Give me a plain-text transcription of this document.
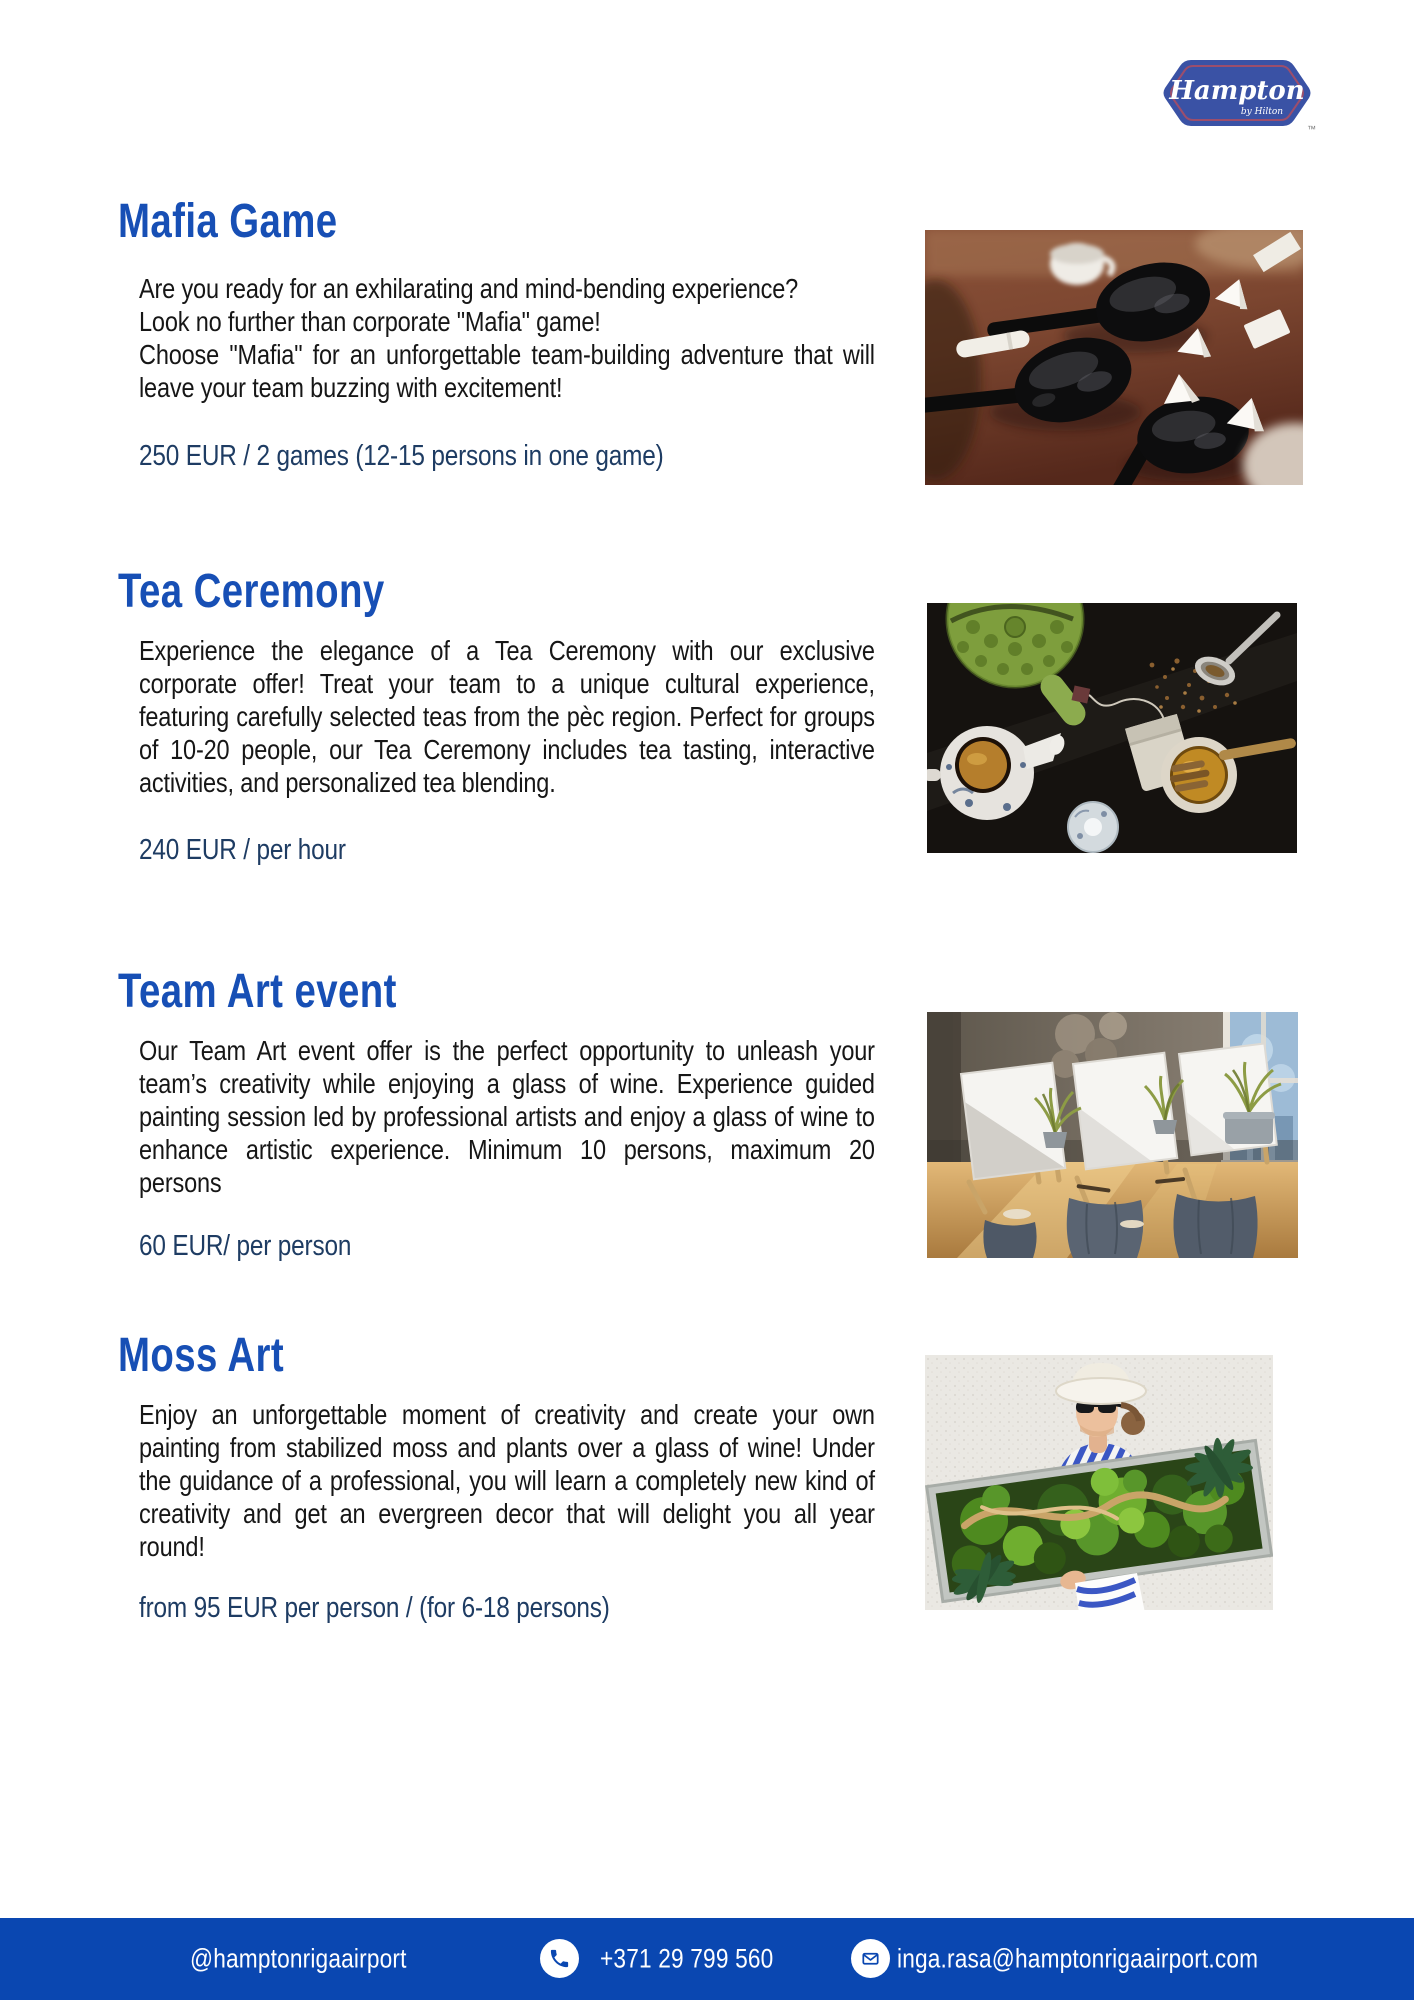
Hampton
by Hilton
™
Mafia Game

Are you ready for an exhilarating and mind-bending experience?

Look no further than corporate "Mafia" game!

Choose "Mafia" for an unforgettable team-building adventure that will leave your team buzzing with excitement!

250 EUR / 2 games (12-15 persons in one game)
Tea Ceremony

Experience the elegance of a Tea Ceremony with our exclusive corporate offer! Treat your team to a unique cultural experience, featuring carefully selected teas from the pèc region. Perfect for groups of 10-20 people, our Tea Ceremony includes tea tasting, interactive activities, and personalized tea blending.

240 EUR / per hour
Team Art event

Our Team Art event offer is the perfect opportunity to unleash your team’s creativity while enjoying a glass of wine. Experience guided painting session led by professional artists and enjoy a glass of wine to enhance artistic experience. Minimum 10 persons, maximum 20 persons

60 EUR/ per person
Moss Art

Enjoy an unforgettable moment of creativity and create your own painting from stabilized moss and plants over a glass of wine! Under the guidance of a professional, you will learn a completely new kind of creativity and get an evergreen decor that will delight you all year round!

from 95 EUR per person / (for 6-18 persons)
@hamptonrigaairport	+371 29 799 560	inga.rasa@hamptonrigaairport.com
